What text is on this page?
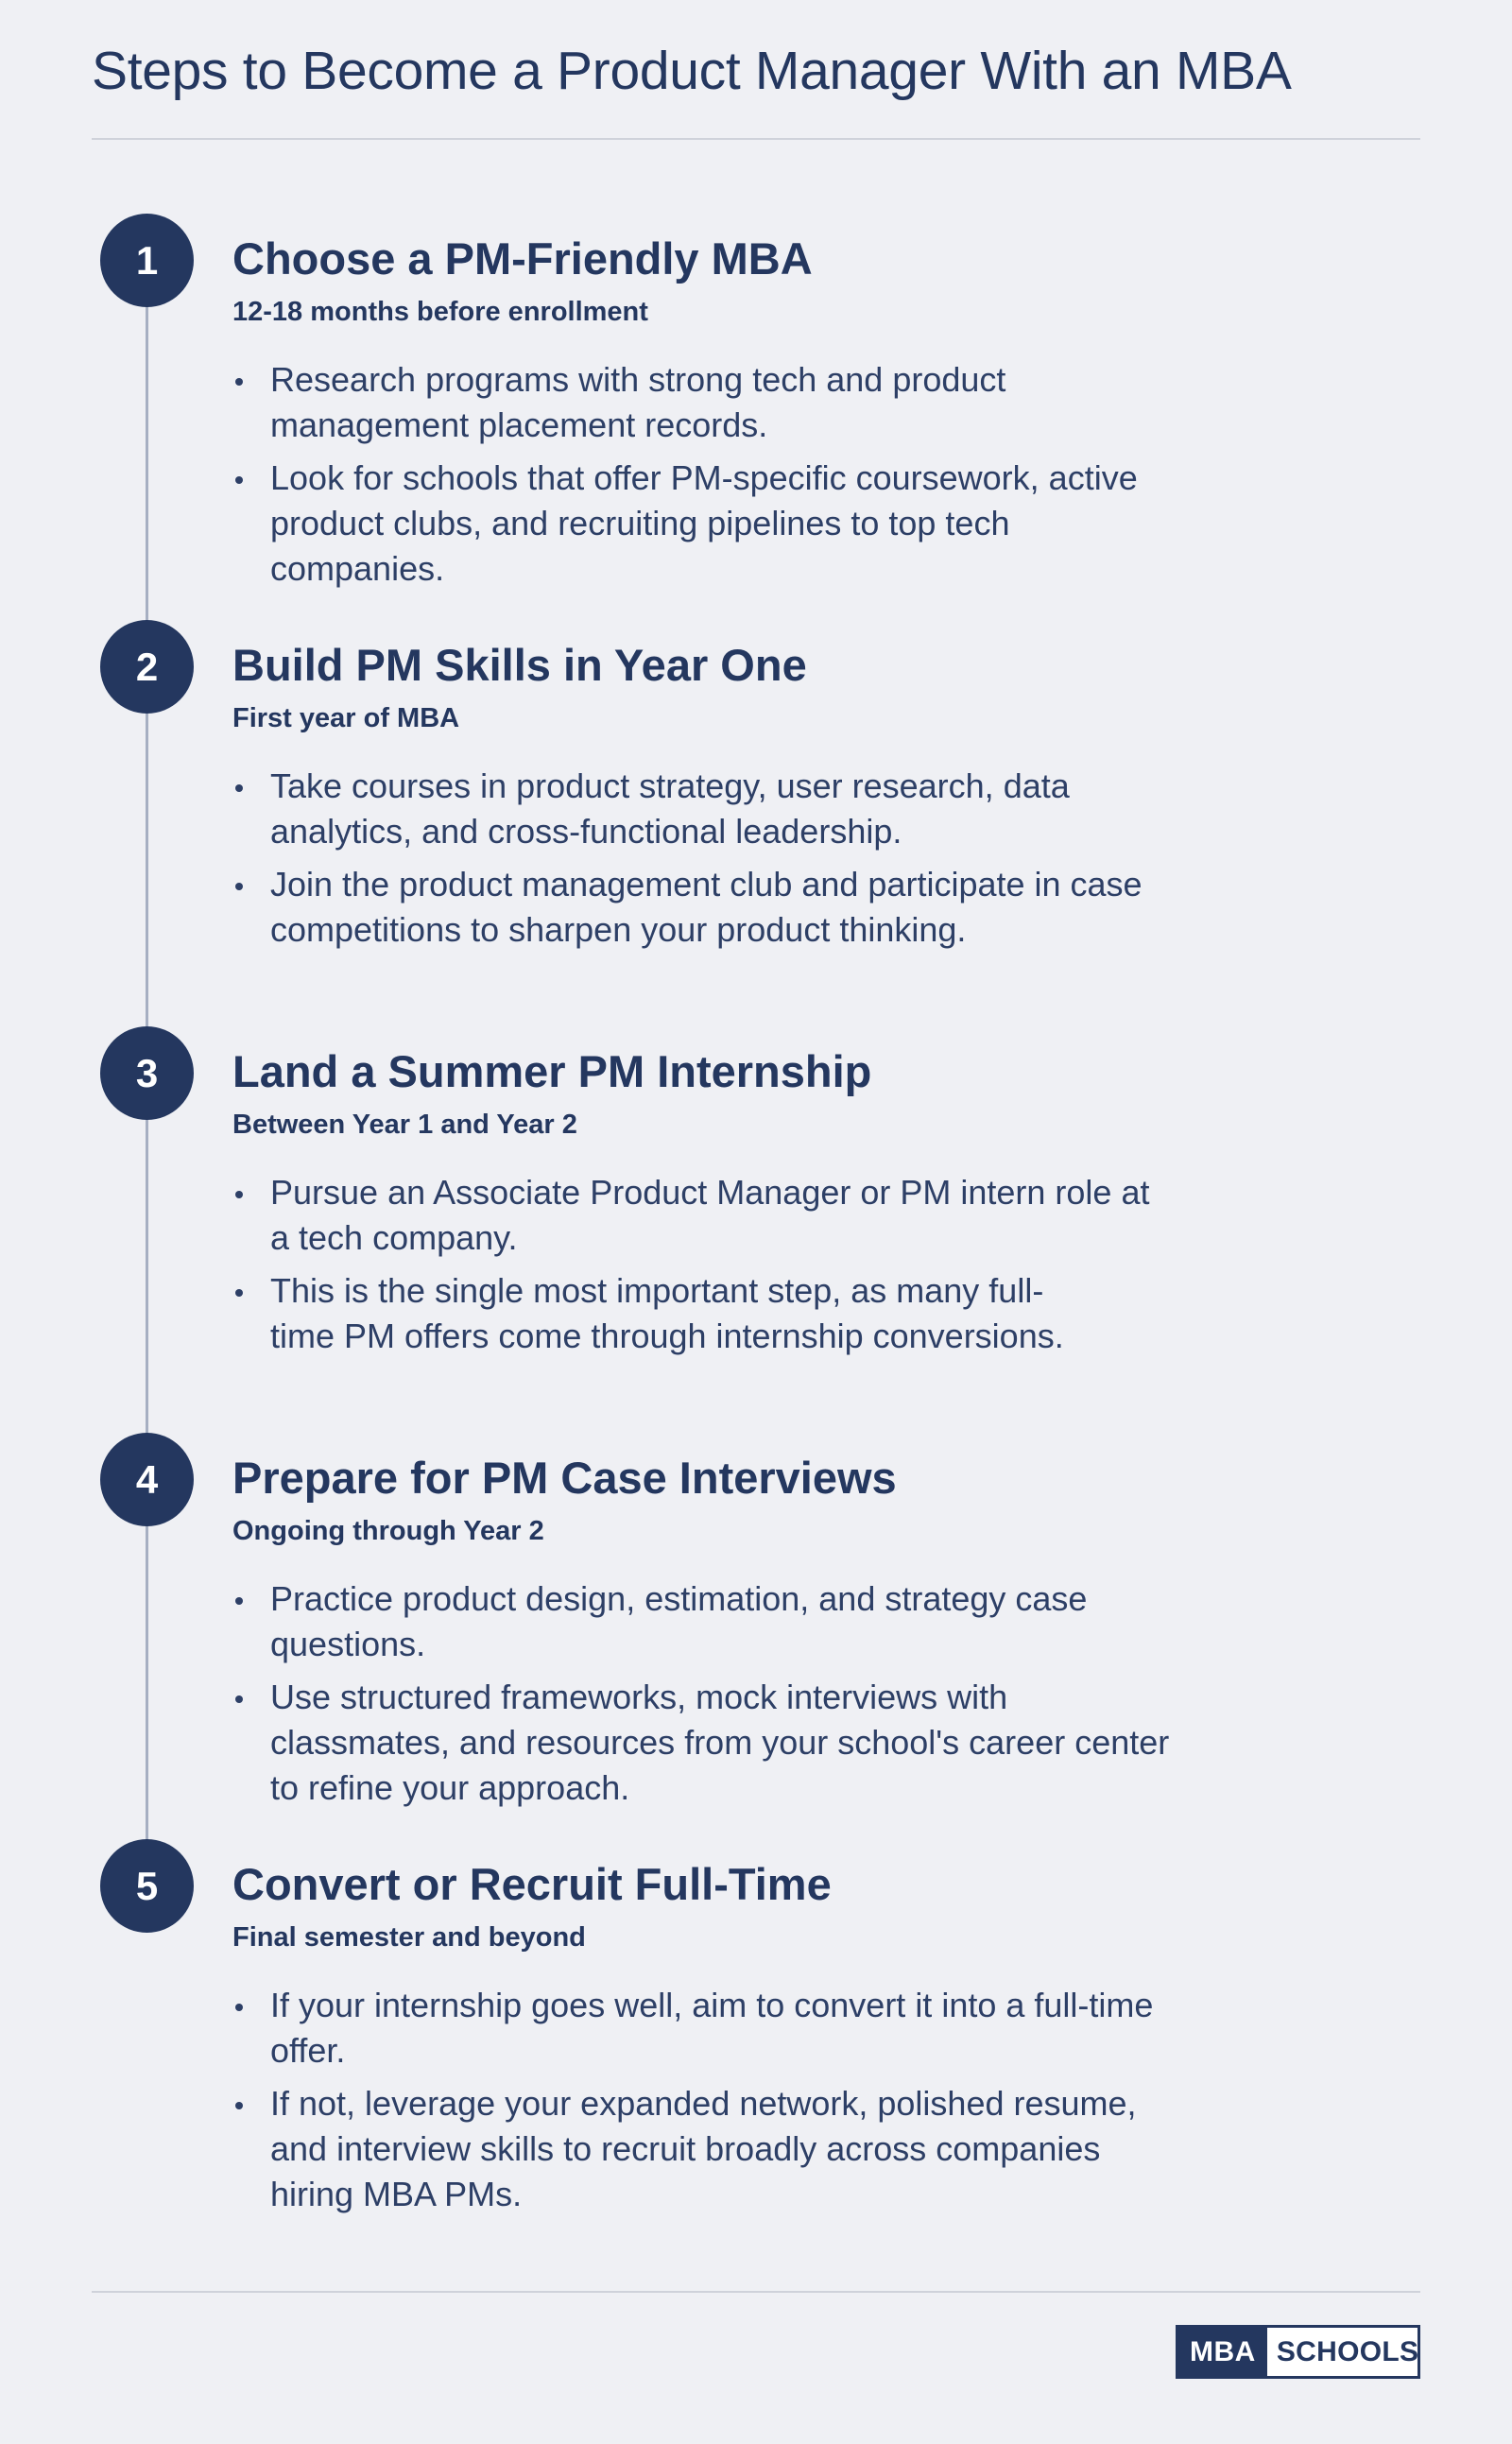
Steps to Become a Product Manager With an MBA
1	Choose a PM-Friendly MBA

12-18 months before enrollment

Research programs with strong tech and product management placement records.
Look for schools that offer PM-specific coursework, active product clubs, and recruiting pipelines to top tech companies.
2	Build PM Skills in Year One

First year of MBA

Take courses in product strategy, user research, data analytics, and cross-functional leadership.
Join the product management club and participate in case competitions to sharpen your product thinking.
3	Land a Summer PM Internship

Between Year 1 and Year 2

Pursue an Associate Product Manager or PM intern role at a tech company.
This is the single most important step, as many full-time PM offers come through internship conversions.
4	Prepare for PM Case Interviews

Ongoing through Year 2

Practice product design, estimation, and strategy case questions.
Use structured frameworks, mock interviews with classmates, and resources from your school's career center to refine your approach.
5	Convert or Recruit Full-Time

Final semester and beyond

If your internship goes well, aim to convert it into a full-time offer.
If not, leverage your expanded network, polished resume, and interview skills to recruit broadly across companies hiring MBA PMs.
MBA SCHOOLS
